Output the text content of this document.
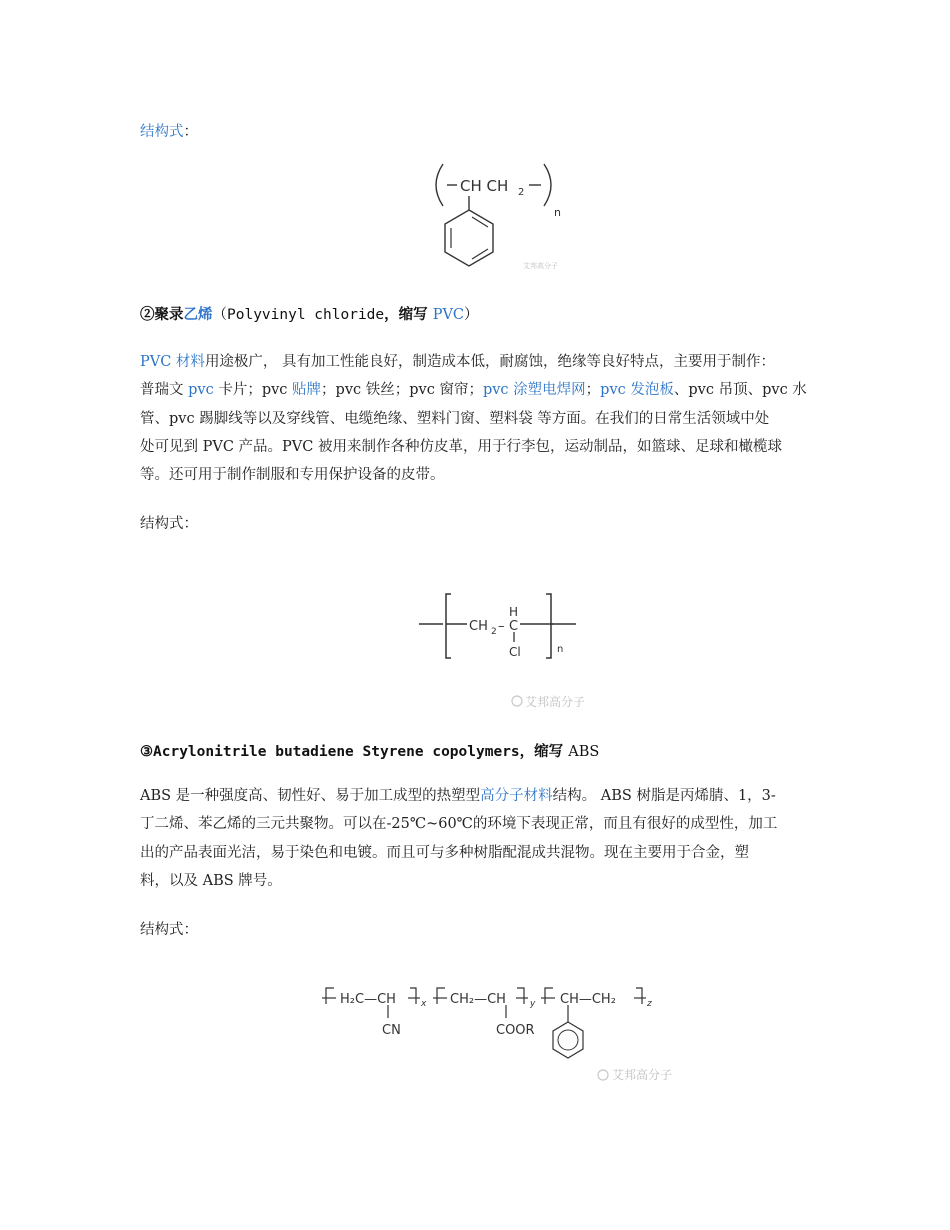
结构式：
CH CH 2
n
艾邦高分子
②聚录乙烯（Polyvinyl chloride，缩写 PVC）
PVC 材料用途极广， 具有加工性能良好，制造成本低，耐腐蚀，绝缘等良好特点，主要用于制作：
普瑞文 pvc 卡片；pvc 贴牌；pvc 铁丝；pvc 窗帘；pvc 涂塑电焊网；pvc 发泡板、pvc 吊顶、pvc 水
管、pvc 踢脚线等以及穿线管、电缆绝缘、塑料门窗、塑料袋 等方面。在我们的日常生活领域中处
处可见到 PVC 产品。PVC 被用来制作各种仿皮革，用于行李包，运动制品，如篮球、足球和橄榄球
等。还可用于制作制服和专用保护设备的皮带。
结构式：
CH 2 – C
H
Cl	n
艾邦高分子
③Acrylonitrile butadiene Styrene copolymers，缩写 ABS
ABS 是一种强度高、韧性好、易于加工成型的热塑型高分子材料结构。 ABS 树脂是丙烯腈、1，3-
丁二烯、苯乙烯的三元共聚物。可以在-25℃~60℃的环境下表现正常，而且有很好的成型性，加工
出的产品表面光洁，易于染色和电镀。而且可与多种树脂配混成共混物。现在主要用于合金，塑
料，以及 ABS 牌号。
结构式：
H₂C—CH	x
CN
CH₂—CH	y
COOR
CH—CH₂	z
艾邦高分子
